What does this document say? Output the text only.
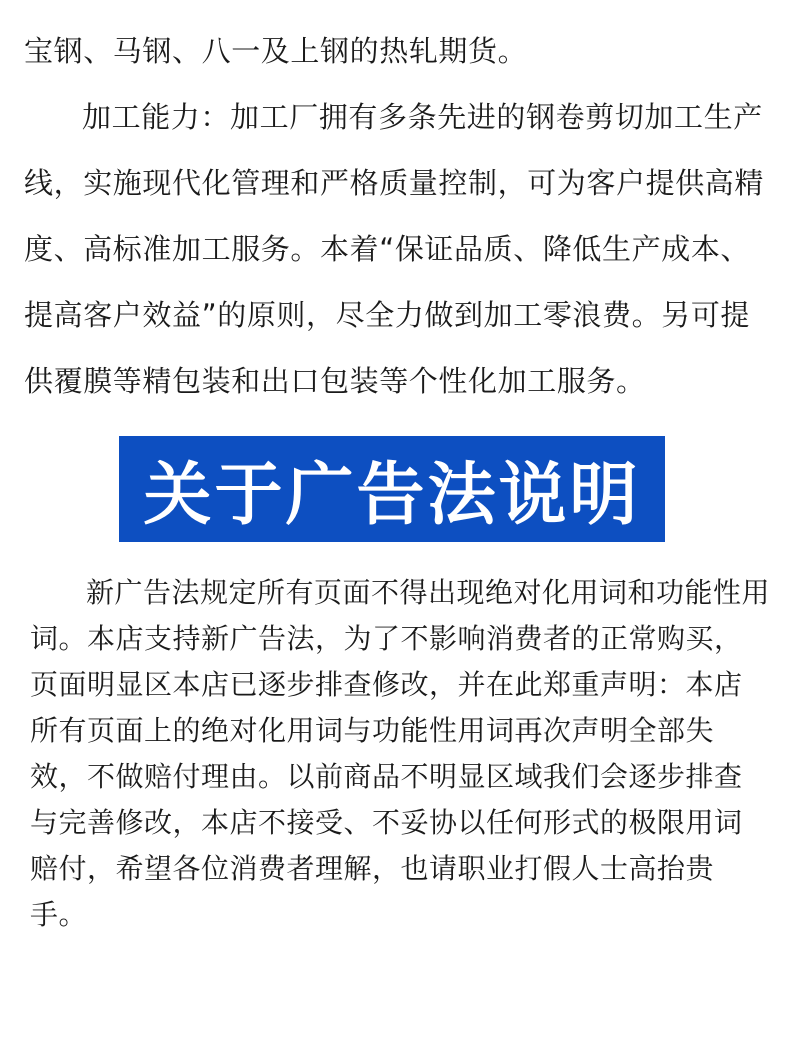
宝钢、马钢、八一及上钢的热轧期货。

加工能力：加工厂拥有多条先进的钢卷剪切加工生产线，实施现代化管理和严格质量控制，可为客户提供高精度、高标准加工服务。本着“保证品质、降低生产成本、提高客户效益”的原则，尽全力做到加工零浪费。另可提供覆膜等精包装和出口包装等个性化加工服务。

关于广告法说明

新广告法规定所有页面不得出现绝对化用词和功能性用词。本店支持新广告法，为了不影响消费者的正常购买，页面明显区本店已逐步排查修改，并在此郑重声明：本店所有页面上的绝对化用词与功能性用词再次声明全部失效，不做赔付理由。以前商品不明显区域我们会逐步排查与完善修改，本店不接受、不妥协以任何形式的极限用词赔付，希望各位消费者理解，也请职业打假人士高抬贵手。
